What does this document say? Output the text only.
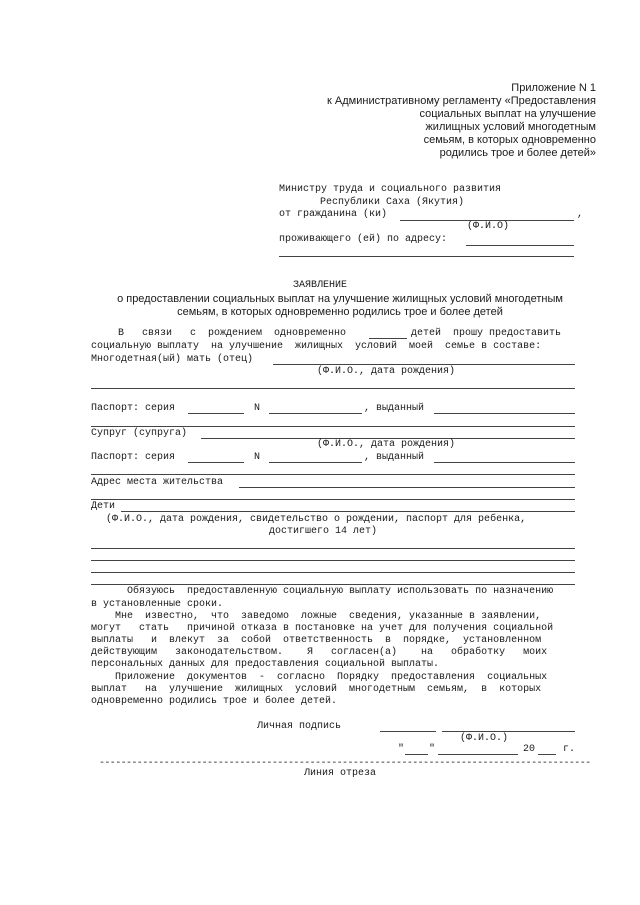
Приложение N 1
к Административному регламенту «Предоставления
социальных выплат на улучшение
жилищных условий многодетным
семьям, в которых одновременно
родились трое и более детей»
Министру труда и социального развития
Республики Саха (Якутия)
от гражданина (ки)	,
(Ф.И.О)
проживающего (ей) по адресу:
ЗАЯВЛЕНИЕ
о предоставлении социальных выплат на улучшение жилищных условий многодетным
семьям, в которых одновременно родились трое и более детей
В   связи   с  рождением  одновременно	детей  прошу предоставить
социальную выплату  на улучшение  жилищных  условий  моей  семье в составе:
Многодетная(ый) мать (отец)
(Ф.И.О., дата рождения)
Паспорт: серия	N	, выданный
Супруг (супруга)
(Ф.И.О., дата рождения)
Паспорт: серия	N	, выданный
Адрес места жительства
Дети
(Ф.И.О., дата рождения, свидетельство о рождении, паспорт для ребенка,
достигшего 14 лет)
Обязуюсь  предоставленную социальную выплату использовать по назначению
в установленные сроки.
Мне  известно,  что  заведомо  ложные  сведения, указанные в заявлении,
могут   стать   причиной отказа в постановке на учет для получения социальной
выплаты   и  влекут  за  собой  ответственность  в  порядке,  установленном
действующим   законодательством.    Я   согласен(а)    на   обработку   моих
персональных данных для предоставления социальной выплаты.
Приложение  документов  -  согласно  Порядку  предоставления  социальных
выплат   на  улучшение  жилищных  условий  многодетным  семьям,  в  которых
одновременно родились трое и более детей.
Личная подпись
(Ф.И.О.)
" "	20	г.
-------------------------------------------------------------------------------------------
Линия отреза
